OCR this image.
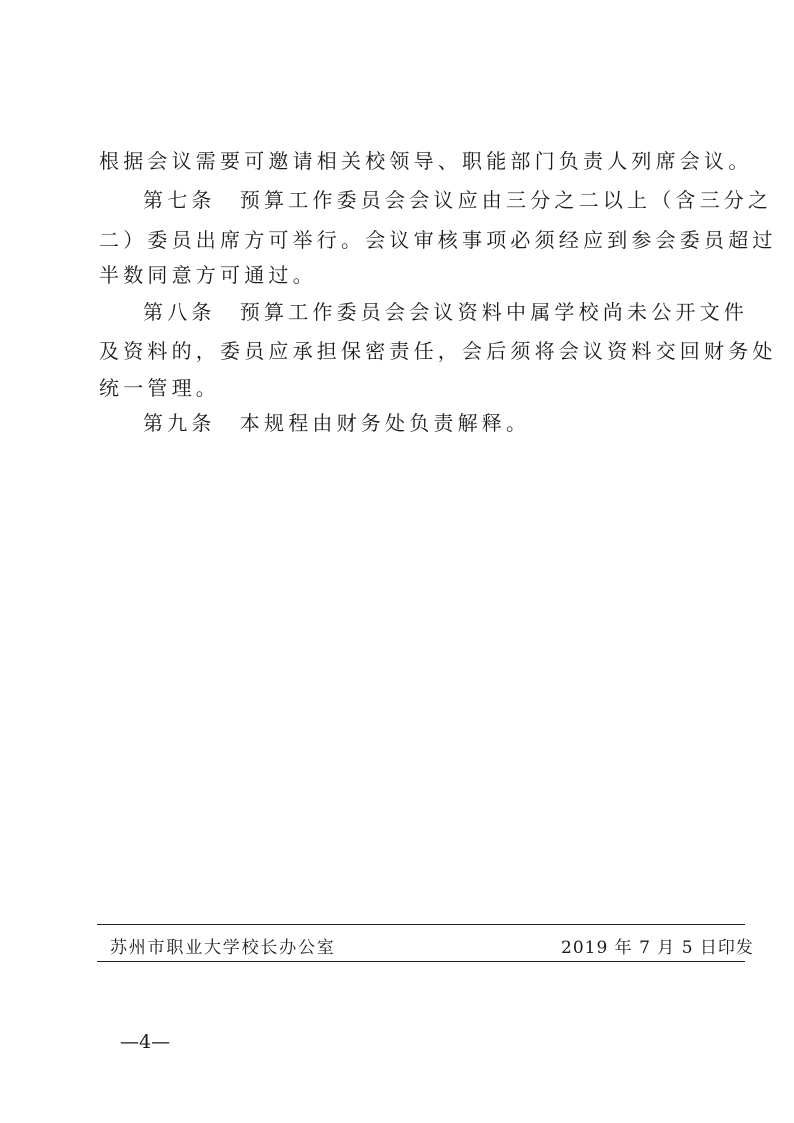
根据会议需要可邀请相关校领导、职能部门负责人列席会议。
第七条　预算工作委员会会议应由三分之二以上（含三分之
二）委员出席方可举行。会议审核事项必须经应到参会委员超过
半数同意方可通过。
第八条　预算工作委员会会议资料中属学校尚未公开文件
及资料的，委员应承担保密责任，会后须将会议资料交回财务处
统一管理。
第九条　本规程由财务处负责解释。
苏州市职业大学校长办公室	2019 年 7 月 5 日印发
—4—
